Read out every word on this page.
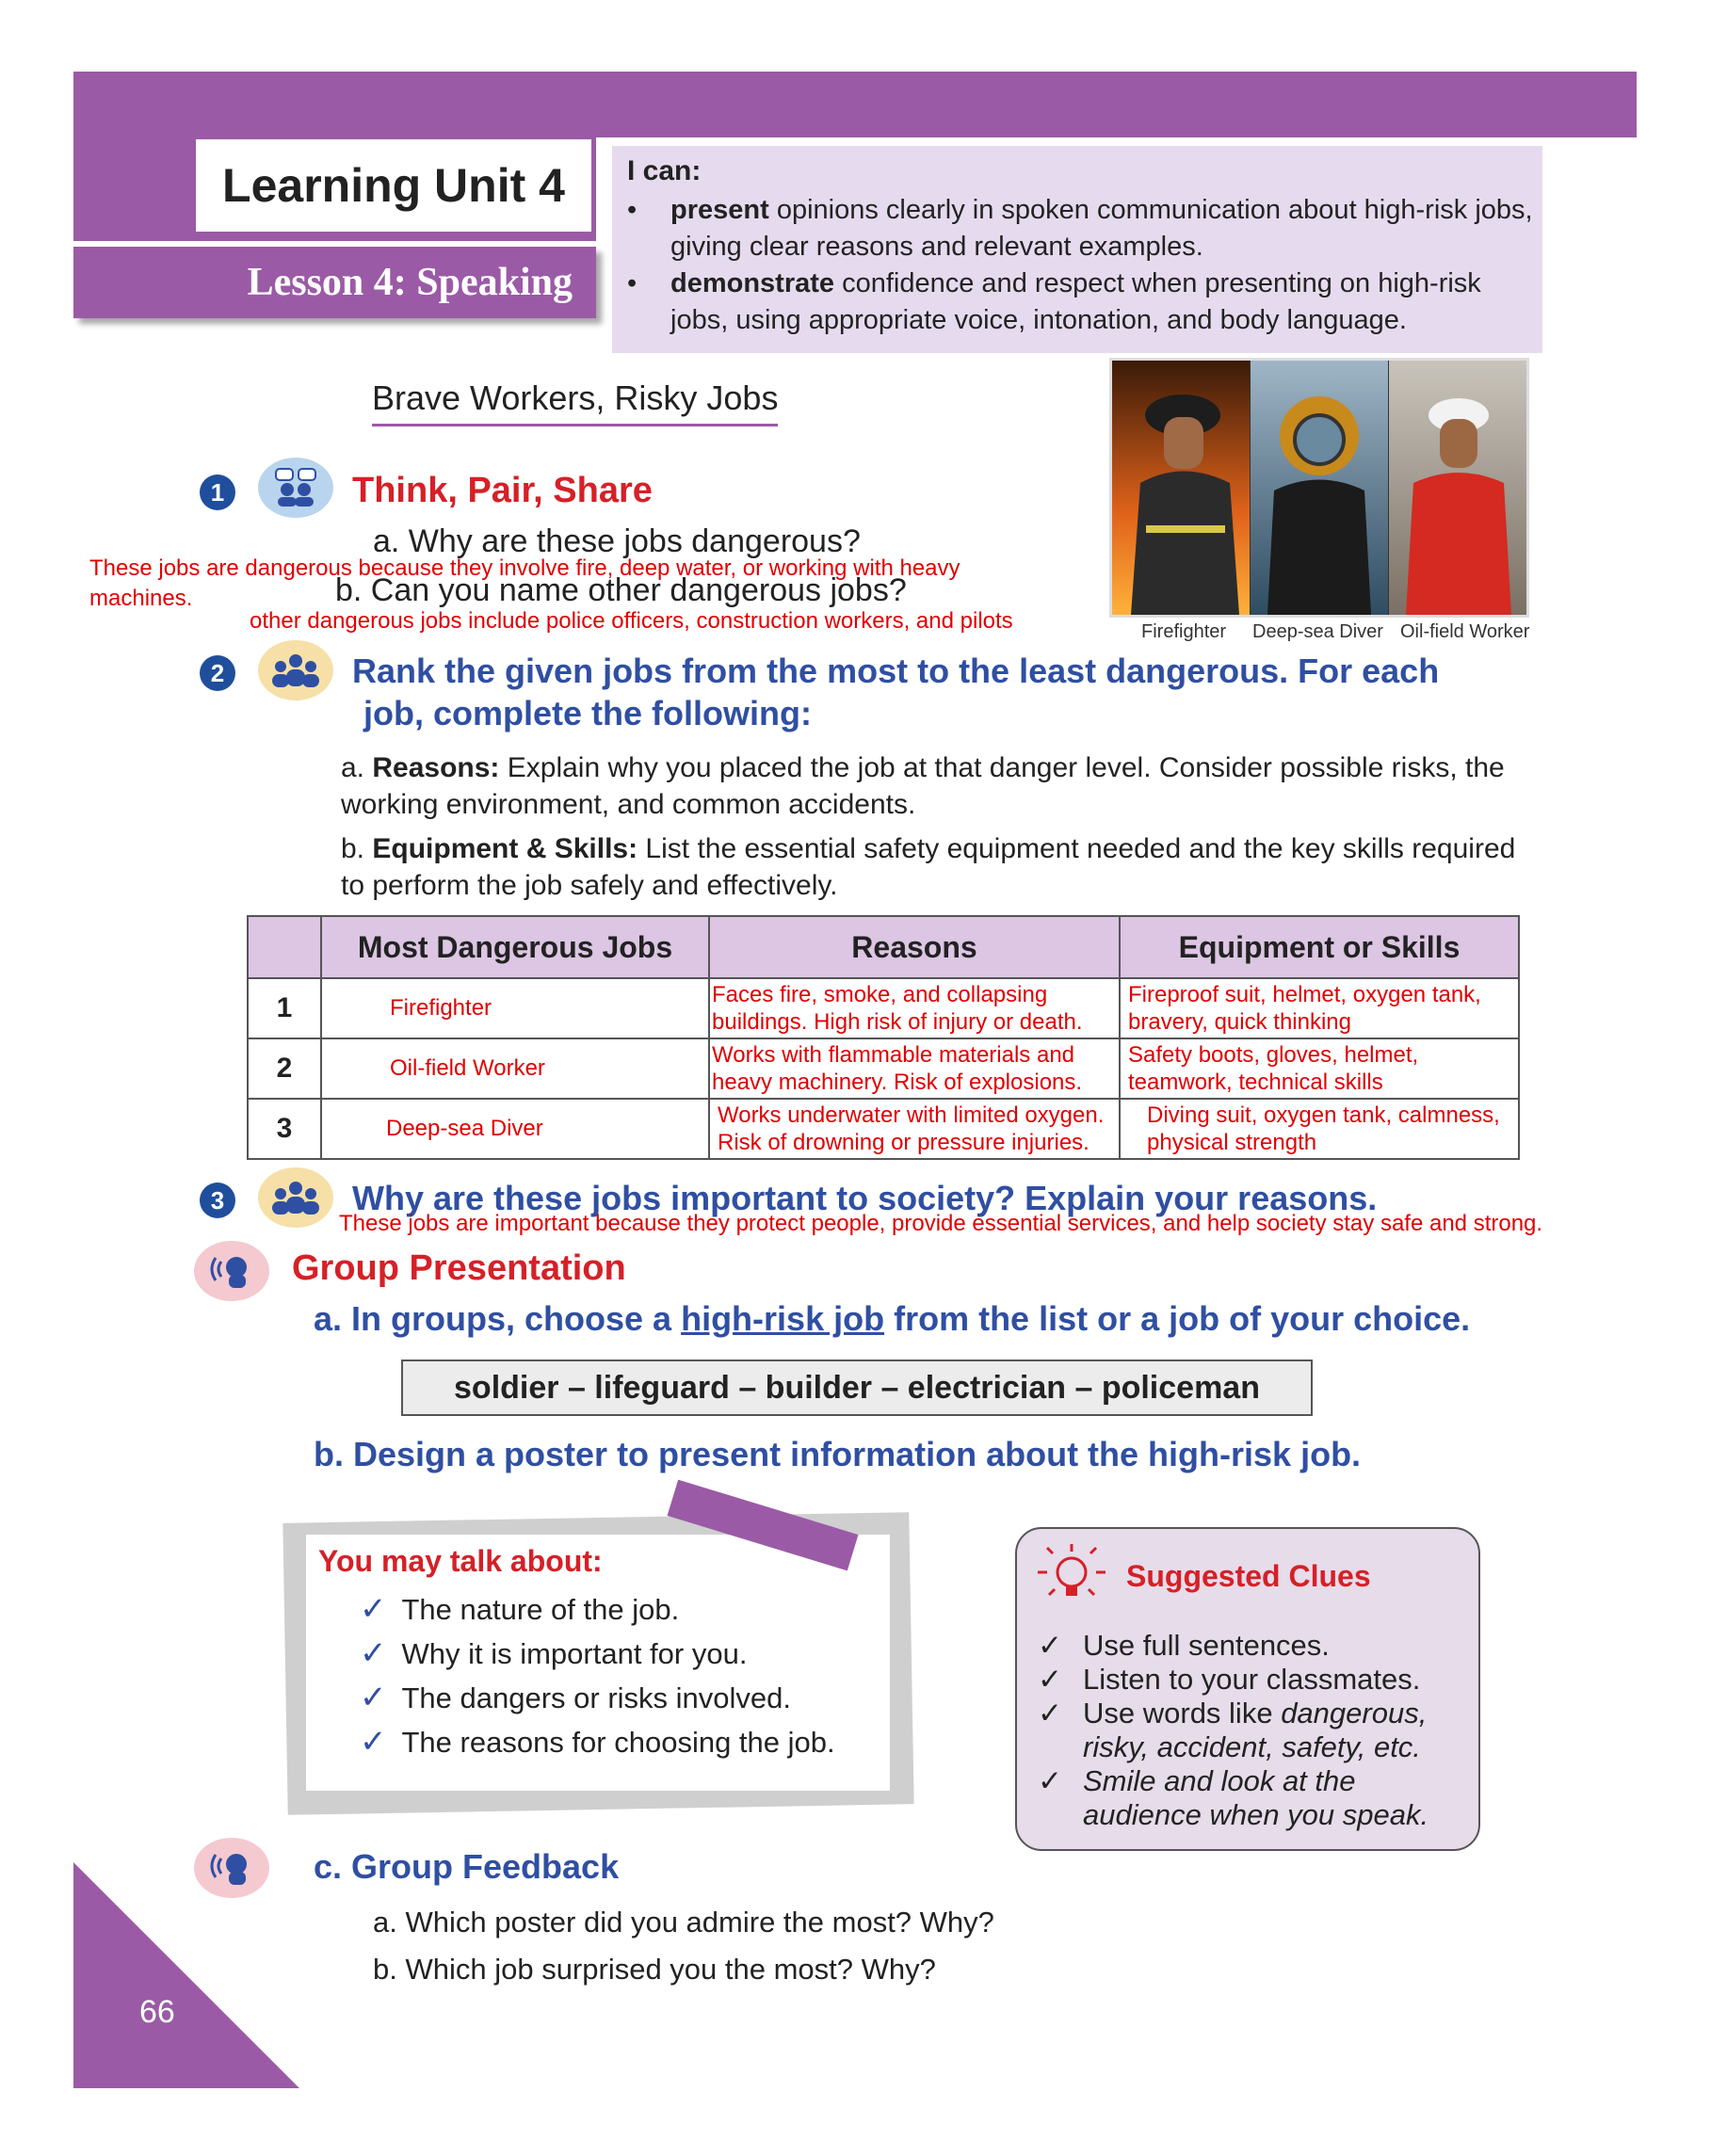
Learning Unit 4
Lesson 4: Speaking
I can:
• present opinions clearly in spoken communication about high-risk jobs, giving clear reasons and relevant examples.
• demonstrate confidence and respect when presenting on high-risk jobs, using appropriate voice, intonation, and body language.
Brave Workers, Risky Jobs
Firefighter Deep-sea Diver Oil-field Worker
1	Think, Pair, Share
a. Why are these jobs dangerous?
b. Can you name other dangerous jobs?
These jobs are dangerous because they involve fire, deep water, or working with heavy machines.
other dangerous jobs include police officers, construction workers, and pilots
2	Rank the given jobs from the most to the least dangerous. For each
job, complete the following:
a. Reasons: Explain why you placed the job at that danger level. Consider possible risks, the working environment, and common accidents.
b. Equipment & Skills: List the essential safety equipment needed and the key skills required to perform the job safely and effectively.
	Most Dangerous Jobs	Reasons	Equipment or Skills
1	Firefighter	Faces fire, smoke, and collapsing buildings. High risk of injury or death.	Fireproof suit, helmet, oxygen tank, bravery, quick thinking
2	Oil-field Worker	Works with flammable materials and heavy machinery. Risk of explosions.	Safety boots, gloves, helmet, teamwork, technical skills
3	Deep-sea Diver	Works underwater with limited oxygen. Risk of drowning or pressure injuries.	Diving suit, oxygen tank, calmness, physical strength
3	Why are these jobs important to society? Explain your reasons.
These jobs are important because they protect people, provide essential services, and help society stay safe and strong.
Group Presentation
a. In groups, choose a high-risk job from the list or a job of your choice.
soldier – lifeguard – builder – electrician – policeman
b. Design a poster to present information about the high-risk job.
You may talk about:
✓ The nature of the job.
✓ Why it is important for you.
✓ The dangers or risks involved.
✓ The reasons for choosing the job.
Suggested Clues
✓ Use full sentences.
✓ Listen to your classmates.
✓ Use words like dangerous, risky, accident, safety, etc.
✓ Smile and look at the audience when you speak.
c. Group Feedback
a. Which poster did you admire the most? Why?
b. Which job surprised you the most? Why?
66
